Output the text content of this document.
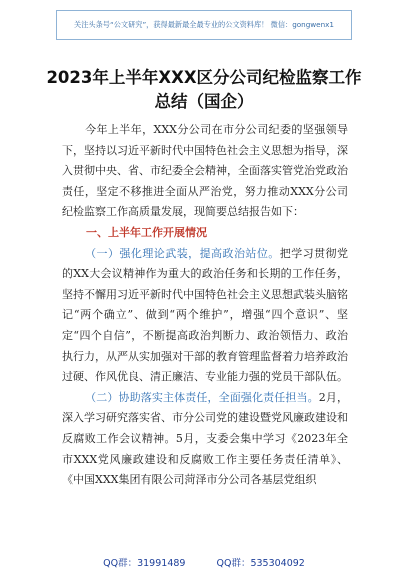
关注头条号“公文研究”，获得最新最全最专业的公文资料库！ 微信：gongwenx1
2023年上半年XXX区分公司纪检监察工作总结（国企）

今年上半年，XXX分公司在市分公司纪委的坚强领导下，坚持以习近平新时代中国特色社会主义思想为指导，深入贯彻中央、省、市纪委全会精神，全面落实管党治党政治责任，坚定不移推进全面从严治党，努力推动XXX分公司纪检监察工作高质量发展，现简要总结报告如下：

一、上半年工作开展情况

（一）强化理论武装，提高政治站位。把学习贯彻党的XX大会议精神作为重大的政治任务和长期的工作任务，坚持不懈用习近平新时代中国特色社会主义思想武装头脑铭记“两个确立”、做到“两个维护”，增强“四个意识”、坚定“四个自信”，不断提高政治判断力、政治领悟力、政治执行力，从严从实加强对干部的教育管理监督着力培养政治过硬、作风优良、清正廉洁、专业能力强的党员干部队伍。

（二）协助落实主体责任，全面强化责任担当。2月，深入学习研究落实省、市分公司党的建设暨党风廉政建设和反腐败工作会议精神。5月，支委会集中学习《2023年全市XXX党风廉政建设和反腐败工作主要任务责任清单》、《中国XXX集团有限公司菏泽市分公司各基层党组织

QQ群：31991489	QQ群：535304092
